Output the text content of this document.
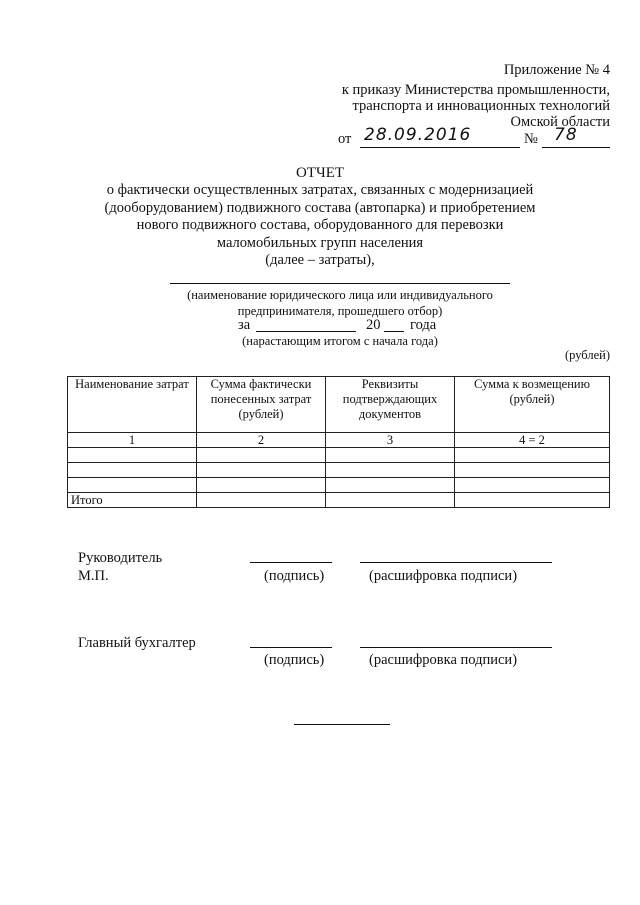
Приложение № 4
к приказу Министерства промышленности,
транспорта и инновационных технологий
Омской области
от 28.09.2016	№ 78
ОТЧЕТ
о фактически осуществленных затратах, связанных с модернизацией
(дооборудованием) подвижного состава (автопарка) и приобретением
нового подвижного состава, оборудованного для перевозки
маломобильных групп населения
(далее – затраты),
(наименование юридического лица или индивидуального
предпринимателя, прошедшего отбор)
за	20 года
(нарастающим итогом с начала года)
(рублей)
Наименование затрат	Сумма фактически понесенных затрат (рублей)	Реквизиты подтверждающих документов	Сумма к возмещению (рублей)
1	2	3	4 = 2

Итого			
Руководитель
М.П.	(подпись)	(расшифровка подписи)
Главный бухгалтер
(подпись)	(расшифровка подписи)
